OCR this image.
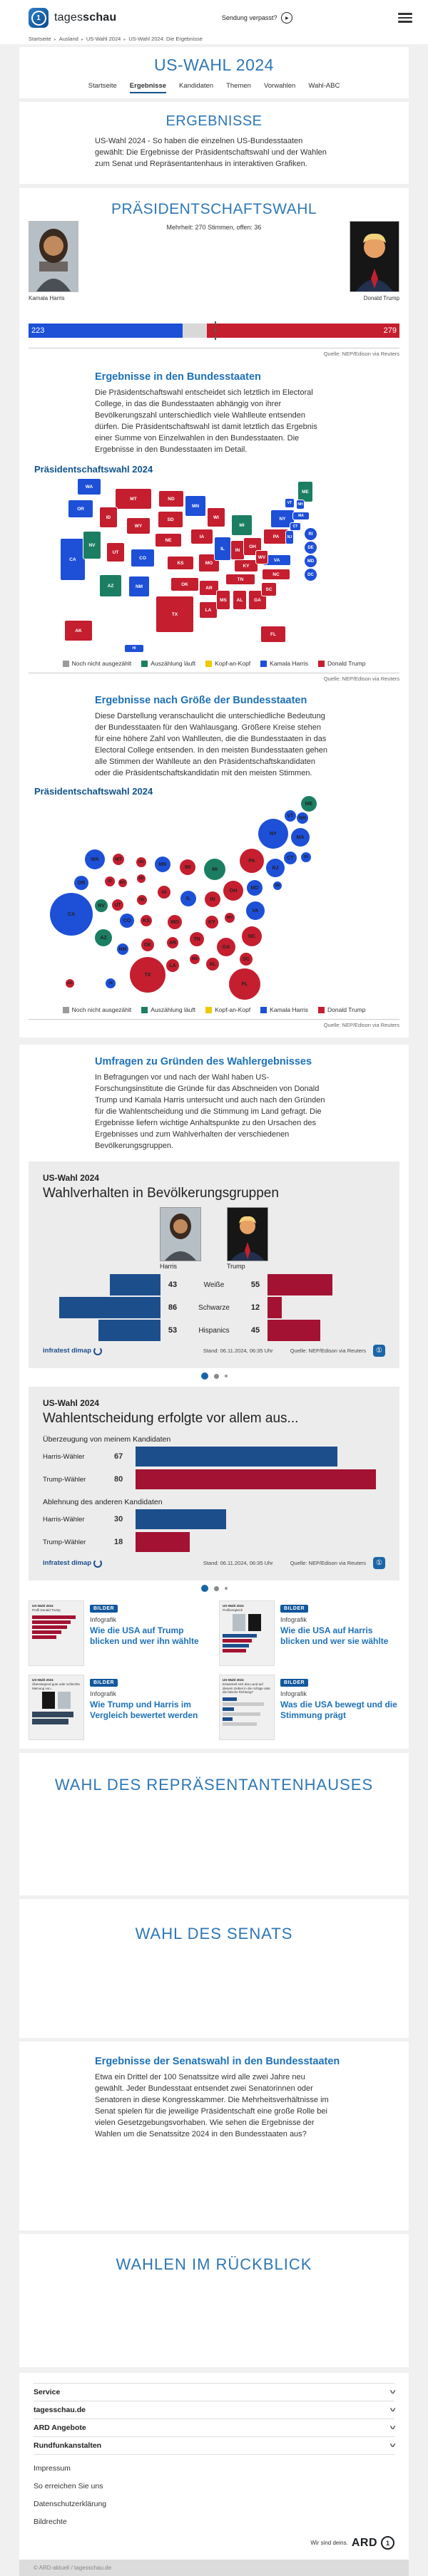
1	tagesschau	Sendung verpasst?	▶
Startseite ▸ Ausland ▸ US-Wahl 2024 ▸ US-Wahl 2024: Die Ergebnisse
US-WAHL 2024
Startseite Ergebnisse Kandidaten Themen Vorwahlen Wahl-ABC
ERGEBNISSE
US-Wahl 2024 - So haben die einzelnen US-Bundesstaaten gewählt: Die Ergebnisse der Präsidentschaftswahl und der Wahlen zum Senat und Repräsentantenhaus in interaktiven Grafiken.
PRÄSIDENTSCHAFTSWAHL
Mehrheit: 270 Stimmen, offen: 36
Kamala Harris	Donald Trump
223	279
Quelle: NEP/Edison via Reuters
Ergebnisse in den Bundesstaaten
Die Präsidentschaftswahl entscheidet sich letztlich im Electoral College, in das die Bundesstaaten abhängig von ihrer Bevölkerungszahl unterschiedlich viele Wahlleute entsenden dürfen. Die Präsidentschaftswahl ist damit letztlich das Ergebnis einer Summe von Einzelwahlen in den Bundesstaaten. Die Ergebnisse in den Bundesstaaten im Detail.
Präsidentschaftswahl 2024
WA
OR
CA
MT
ID
WY
NV
UT
CO
AZ	NM
ND
SD
NE
KS
OK
TX
MN
IA
MO
AR
LA
WI
IL
MS
MI
IN
KY
TN
AL
OH
GA
FL
SC
NC
VA
WV
PA
NY
ME
VT	NH
MA
CT
NJ
AK
HI
RI
DE
MD
DC
Noch nicht ausgezählt	Auszählung läuft	Kopf-an-Kopf	Kamala Harris	Donald Trump
Quelle: NEP/Edison via Reuters
Ergebnisse nach Größe der Bundesstaaten
Diese Darstellung veranschaulicht die unterschiedliche Bedeutung der Bundesstaaten für den Wahlausgang. Größere Kreise stehen für eine höhere Zahl von Wahlleuten, die die Bundesstaaten in das Electoral College entsenden. In den meisten Bundesstaaten gehen alle Stimmen der Wahlleute an den Präsidentschaftskandidaten oder die Präsidentschaftskandidatin mit den meisten Stimmen.
Präsidentschaftswahl 2024
ME
VT	NH
NY
MA
WA	MT
ND	MN
WI	MI
PA
NJ
CT	RI
OR	ID	WY
SD
IA
IL	IN
OH
MD	DE
CA
NV	UT
NE
VA
WV
KY
CO	KS	MO
AZ
NM
OK	AR
TN
NC
GA
SC
MS
AL
LA
TX
AK	HI	FL
Noch nicht ausgezählt	Auszählung läuft	Kopf-an-Kopf	Kamala Harris	Donald Trump
Quelle: NEP/Edison via Reuters
Umfragen zu Gründen des Wahlergebnisses
In Befragungen vor und nach der Wahl haben US-Forschungsinstitute die Gründe für das Abschneiden von Donald Trump und Kamala Harris untersucht und auch nach den Gründen für die Wahlentscheidung und die Stimmung im Land gefragt. Die Ergebnisse liefern wichtige Anhaltspunkte zu den Ursachen des Ergebnisses und zum Wahlverhalten der verschiedenen Bevölkerungsgruppen.
US-Wahl 2024
Wahlverhalten in Bevölkerungsgruppen
Harris	Trump
43	Weiße	55
86	Schwarze	12
53	Hispanics	45
infratest dimap	Stand: 06.11.2024, 06:35 Uhr	Quelle: NEP/Edison via Reuters	①
US-Wahl 2024
Wahlentscheidung erfolgte vor allem aus...
Überzeugung von meinem Kandidaten
Harris-Wähler	67
Trump-Wähler	80
Ablehnung des anderen Kandidaten
Harris-Wähler	30
Trump-Wähler	18
infratest dimap	Stand: 06.11.2024, 06:35 Uhr	Quelle: NEP/Edison via Reuters	①
US-Wahl 2024
Profil Donald Trump	BILDER
Infografik
Wie die USA auf Trump blicken und wer ihn wählte
US-Wahl 2024
Profilvergleich	BILDER
Infografik
Wie die USA auf Harris blicken und wer sie wählte
US-Wahl 2024
Überwiegend gute oder schlechte Meinung von...
BILDER
Infografik
Wie Trump und Harris im Vergleich bewertet werden
US-Wahl 2024
Entwickelt sich das Land auf diesem Gebiet in die richtige oder die falsche Richtung?
BILDER
Infografik
Was die USA bewegt und die Stimmung prägt
WAHL DES REPRÄSENTANTENHAUSES
WAHL DES SENATS
Ergebnisse der Senatswahl in den Bundesstaaten
Etwa ein Drittel der 100 Senatssitze wird alle zwei Jahre neu gewählt. Jeder Bundesstaat entsendet zwei Senatorinnen oder Senatoren in diese Kongresskammer. Die Mehrheitsverhältnisse im Senat spielen für die jeweilige Präsidentschaft eine große Rolle bei vielen Gesetzgebungsvorhaben. Wie sehen die Ergebnisse der Wahlen um die Senatssitze 2024 in den Bundesstaaten aus?
WAHLEN IM RÜCKBLICK
Service	˅
tagesschau.de	˅
ARD Angebote	˅
Rundfunkanstalten	˅
Impressum
So erreichen Sie uns
Datenschutzerklärung
Bildrechte
Wir sind deins. ARD	1
© ARD-aktuell / tagesschau.de
